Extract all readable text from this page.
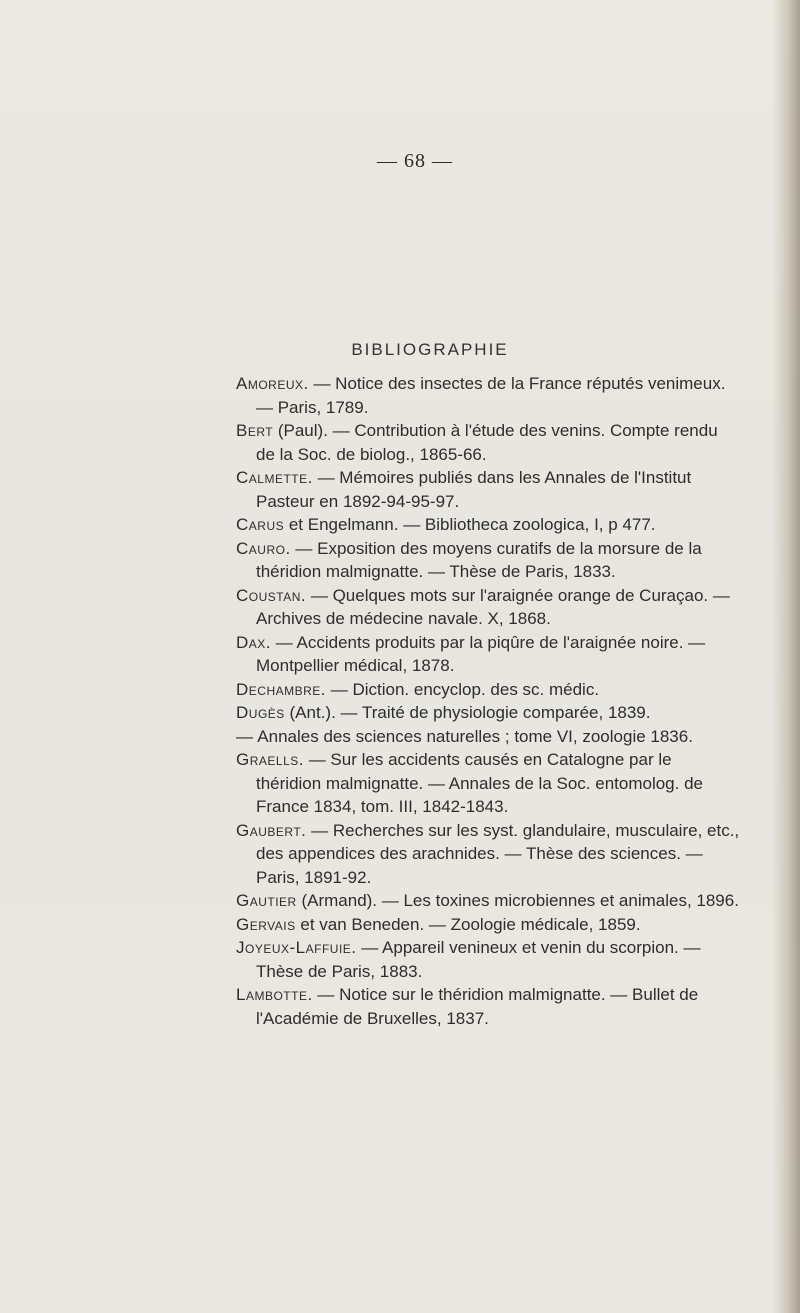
— 68 —
BIBLIOGRAPHIE

Amoreux. — Notice des insectes de la France réputés venimeux. — Paris, 1789.

Bert (Paul). — Contribution à l'étude des venins. Compte rendu de la Soc. de biolog., 1865-66.

Calmette. — Mémoires publiés dans les Annales de l'Institut Pasteur en 1892-94-95-97.

Carus et Engelmann. — Bibliotheca zoologica, I, p 477.

Cauro. — Exposition des moyens curatifs de la morsure de la théridion malmignatte. — Thèse de Paris, 1833.

Coustan. — Quelques mots sur l'araignée orange de Curaçao. — Archives de médecine navale. X, 1868.

Dax. — Accidents produits par la piqûre de l'araignée noire. — Montpellier médical, 1878.

Dechambre. — Diction. encyclop. des sc. médic.

Dugès (Ant.). — Traité de physiologie comparée, 1839.

— Annales des sciences naturelles ; tome VI, zoologie 1836.

Graells. — Sur les accidents causés en Catalogne par le théridion malmignatte. — Annales de la Soc. entomolog. de France 1834, tom. III, 1842-1843.

Gaubert. — Recherches sur les syst. glandulaire, musculaire, etc., des appendices des arachnides. — Thèse des sciences. — Paris, 1891-92.

Gautier (Armand). — Les toxines microbiennes et animales, 1896.

Gervais et van Beneden. — Zoologie médicale, 1859.

Joyeux-Laffuie. — Appareil venineux et venin du scorpion. — Thèse de Paris, 1883.

Lambotte. — Notice sur le théridion malmignatte. — Bullet de l'Académie de Bruxelles, 1837.
